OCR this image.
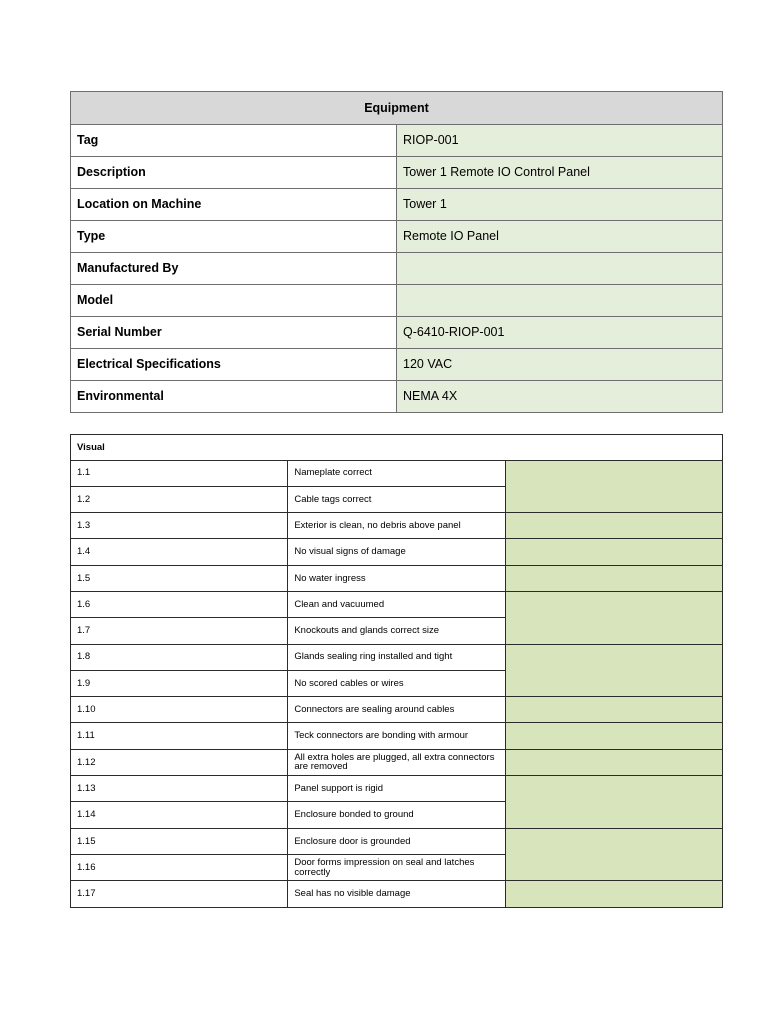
Equipment	
Tag	RIOP-001
Description	Tower 1 Remote IO Control Panel
Location on Machine	Tower 1
Type	Remote IO Panel
Manufactured By	
Model	
Serial Number	Q-6410-RIOP-001
Electrical Specifications	120 VAC
Environmental	NEMA 4X
Visual		
1.1	Nameplate correct	
1.2	Cable tags correct	
1.3	Exterior is clean, no debris above panel	
1.4	No visual signs of damage	
1.5	No water ingress	
1.6	Clean and vacuumed	
1.7	Knockouts and glands correct size	
1.8	Glands sealing ring installed and tight	
1.9	No scored cables or wires	
1.10	Connectors are sealing around cables	
1.11	Teck connectors are bonding with armour	
1.12	All extra holes are plugged, all extra connectors are removed	
1.13	Panel support is rigid	
1.14	Enclosure bonded to ground	
1.15	Enclosure door is grounded	
1.16	Door forms impression on seal and latches correctly	
1.17	Seal has no visible damage	
